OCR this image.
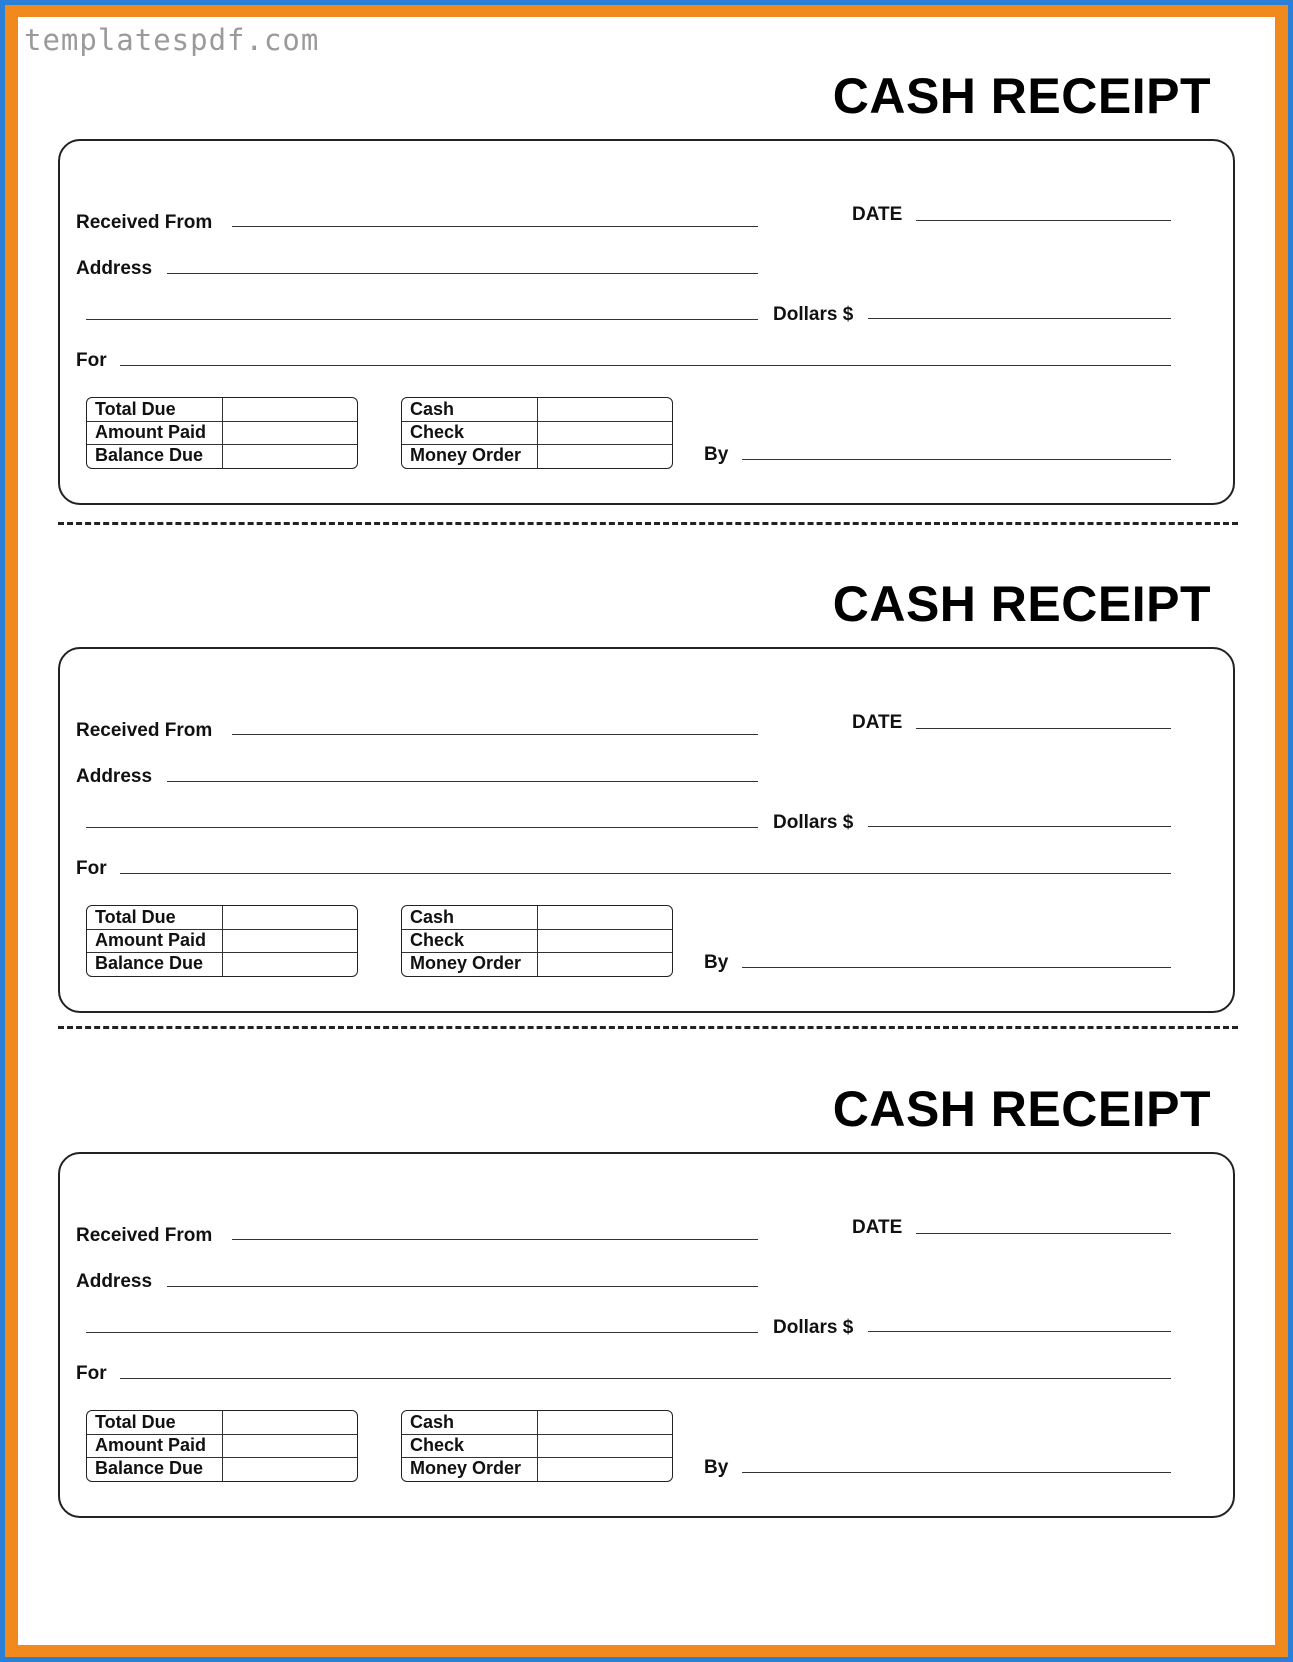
templatespdf.com
CASH RECEIPT
Received From	DATE
Address
Dollars $
For
Total Due
Amount Paid
Balance Due
Cash
Check
Money Order	By
CASH RECEIPT
Received From	DATE
Address
Dollars $
For
Total Due
Amount Paid
Balance Due
Cash
Check
Money Order	By
CASH RECEIPT
Received From	DATE
Address
Dollars $
For
Total Due
Amount Paid
Balance Due
Cash
Check
Money Order	By
